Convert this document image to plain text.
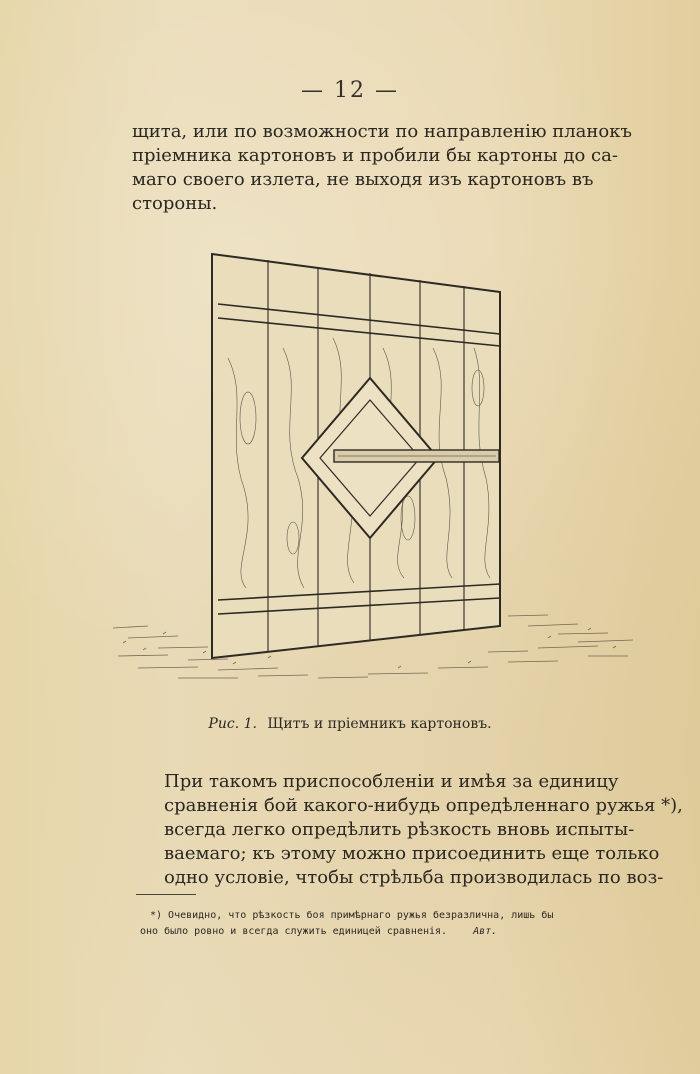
— 12 —

щита, или по возможности по направленію планокъ
пріемника картоновъ и пробили бы картоны до са-
маго своего излета, не выходя изъ картоновъ въ
стороны.

Рис. 1. Щитъ и пріемникъ картоновъ.

При такомъ приспособленіи и имѣя за единицу
сравненія бой какого-нибудь опредѣленнаго ружья *),
всегда легко опредѣлить рѣзкость вновь испыты-
ваемаго; къ этому можно присоединить еще только
одно условіе, чтобы стрѣльба производилась по воз-

*) Очевидно, что рѣзкость боя примѣрнаго ружья безразлична, лишь бы
оно было ровно и всегда служить единицей сравненія.	Авт.
